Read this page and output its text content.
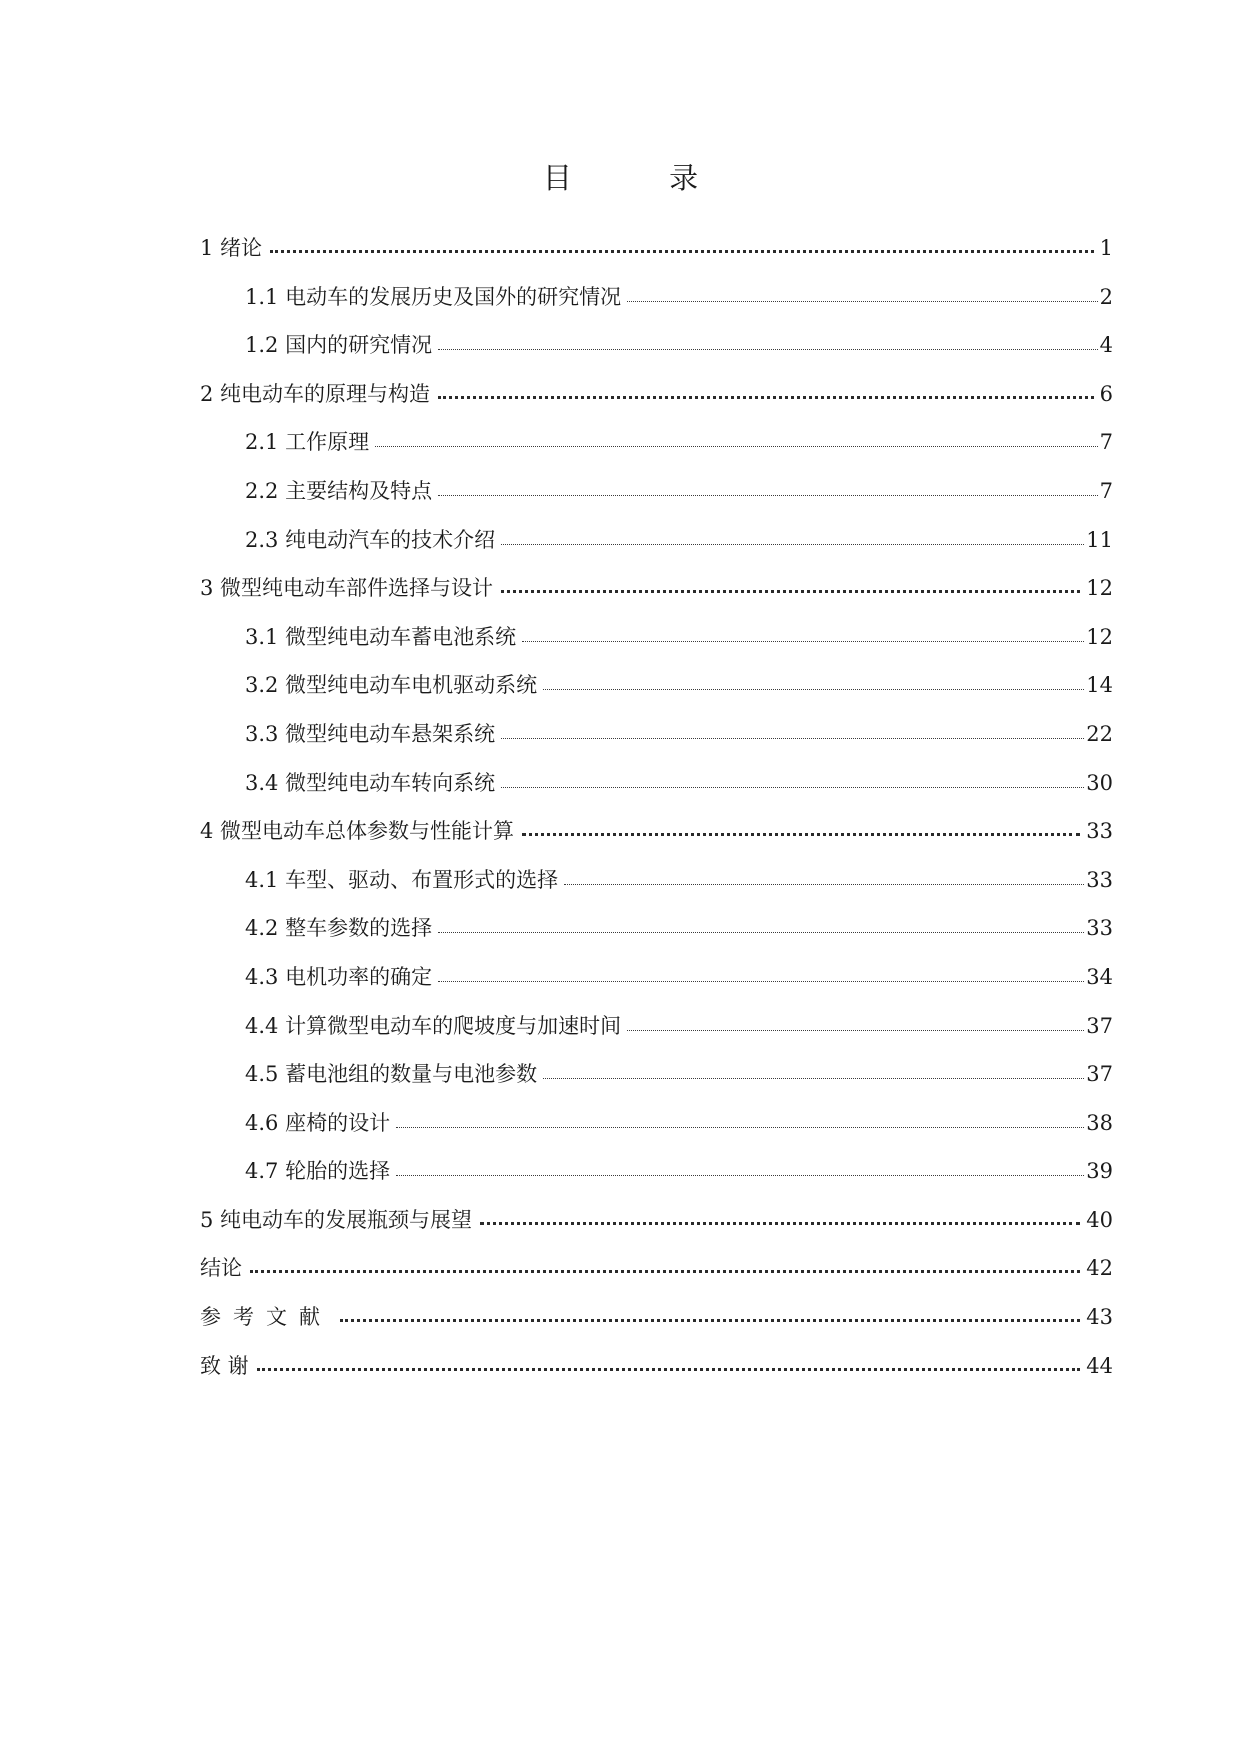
目 录
1 绪论	1
1.1 电动车的发展历史及国外的研究情况	2
1.2 国内的研究情况	4
2 纯电动车的原理与构造	6
2.1 工作原理	7
2.2 主要结构及特点	7
2.3 纯电动汽车的技术介绍	11
3 微型纯电动车部件选择与设计	12
3.1 微型纯电动车蓄电池系统	12
3.2 微型纯电动车电机驱动系统	14
3.3 微型纯电动车悬架系统	22
3.4 微型纯电动车转向系统	30
4 微型电动车总体参数与性能计算	33
4.1 车型、驱动、布置形式的选择	33
4.2 整车参数的选择	33
4.3 电机功率的确定	34
4.4 计算微型电动车的爬坡度与加速时间	37
4.5 蓄电池组的数量与电池参数	37
4.6 座椅的设计	38
4.7 轮胎的选择	39
5 纯电动车的发展瓶颈与展望	40
结论	42
参考文献	43
致 谢	44
